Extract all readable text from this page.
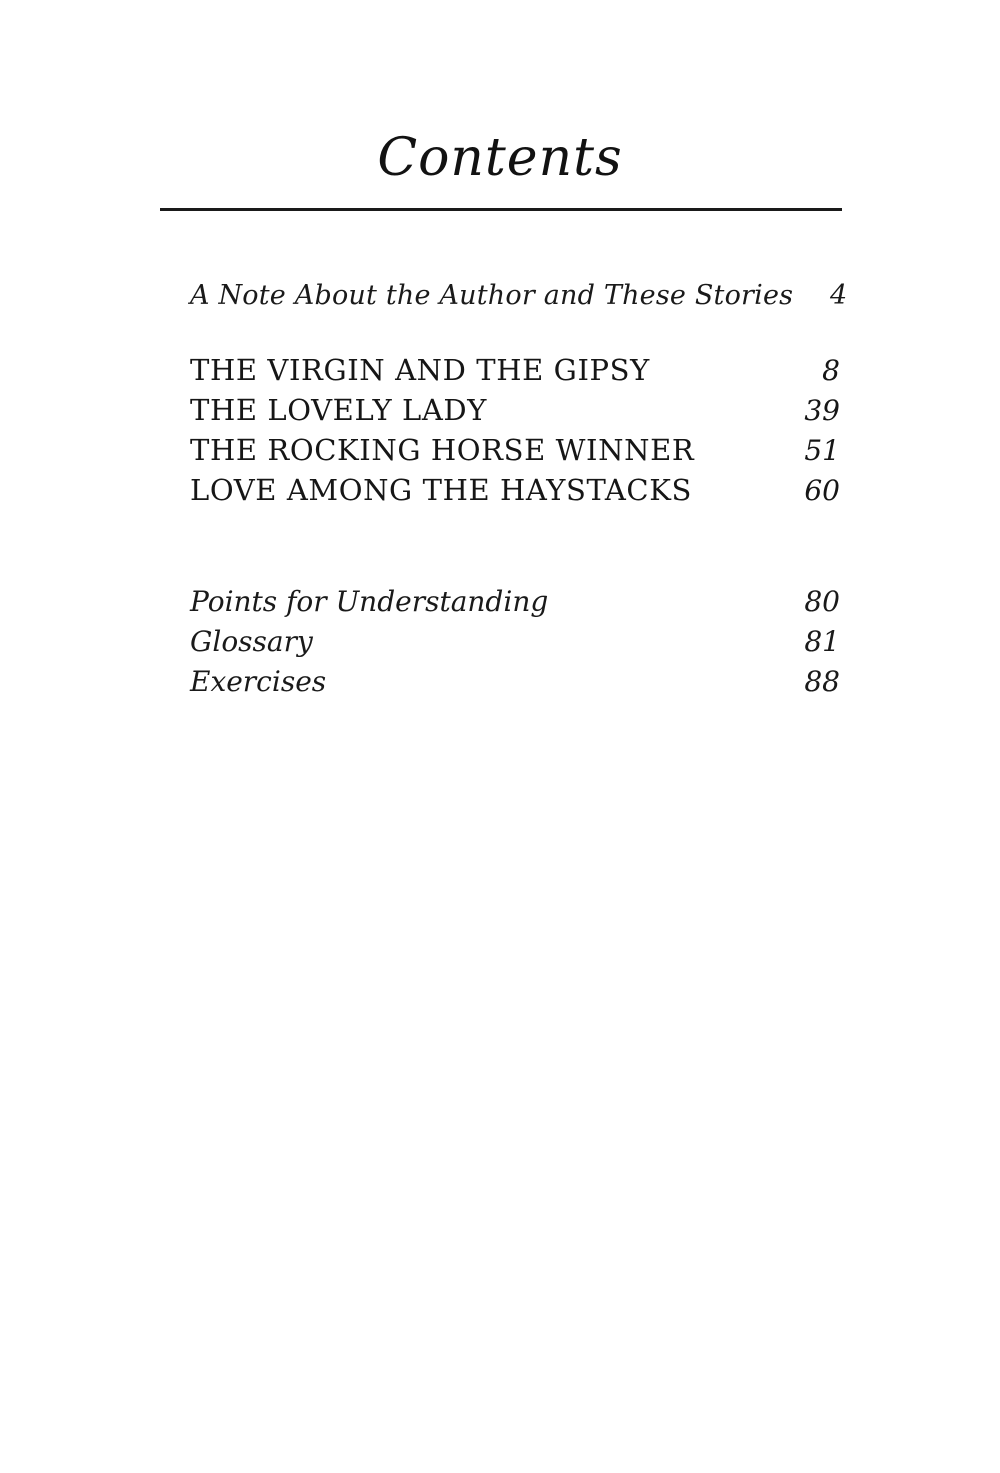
Contents
A Note About the Author and These Stories	4
THE VIRGIN AND THE GIPSY	8
THE LOVELY LADY	39
THE ROCKING HORSE WINNER	51
LOVE AMONG THE HAYSTACKS	60
Points for Understanding	80
Glossary	81
Exercises	88
